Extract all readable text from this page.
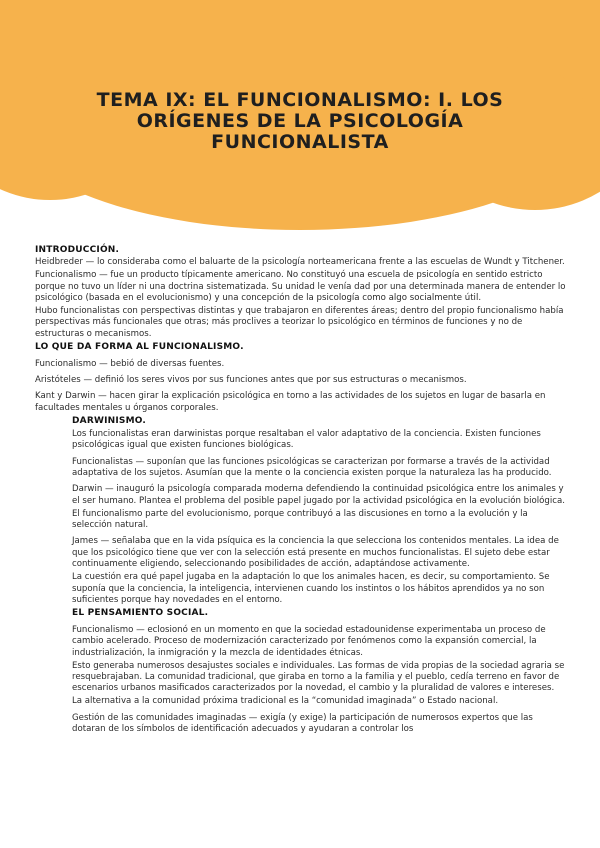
TEMA IX: EL FUNCIONALISMO: I. LOS ORÍGENES DE LA PSICOLOGÍA FUNCIONALISTA
INTRODUCCIÓN.

Heidbreder — lo consideraba como el baluarte de la psicología norteamericana frente a las escuelas de Wundt y Titchener.

Funcionalismo — fue un producto típicamente americano. No constituyó una escuela de psicología en sentido estricto porque no tuvo un líder ni una doctrina sistematizada. Su unidad le venía dad por una determinada manera de entender lo psicológico (basada en el evolucionismo) y una concepción de la psicología como algo socialmente útil.

Hubo funcionalistas con perspectivas distintas y que trabajaron en diferentes áreas; dentro del propio funcionalismo había perspectivas más funcionales que otras; más proclives a teorizar lo psicológico en términos de funciones y no de estructuras o mecanismos.

LO QUE DA FORMA AL FUNCIONALISMO.

Funcionalismo — bebió de diversas fuentes.

Aristóteles — definió los seres vivos por sus funciones antes que por sus estructuras o mecanismos.

Kant y Darwin — hacen girar la explicación psicológica en torno a las actividades de los sujetos en lugar de basarla en facultades mentales u órganos corporales.

DARWINISMO.

Los funcionalistas eran darwinistas porque resaltaban el valor adaptativo de la conciencia. Existen funciones psicológicas igual que existen funciones biológicas.

Funcionalistas — suponían que las funciones psicológicas se caracterizan por formarse a través de la actividad adaptativa de los sujetos. Asumían que la mente o la conciencia existen porque la naturaleza las ha producido.

Darwin — inauguró la psicología comparada moderna defendiendo la continuidad psicológica entre los animales y el ser humano. Plantea el problema del posible papel jugado por la actividad psicológica en la evolución biológica.

El funcionalismo parte del evolucionismo, porque contribuyó a las discusiones en torno a la evolución y la selección natural.

James — señalaba que en la vida psíquica es la conciencia la que selecciona los contenidos mentales. La idea de que los psicológico tiene que ver con la selección está presente en muchos funcionalistas. El sujeto debe estar continuamente eligiendo, seleccionando posibilidades de acción, adaptándose activamente.

La cuestión era qué papel jugaba en la adaptación lo que los animales hacen, es decir, su comportamiento. Se suponía que la conciencia, la inteligencia, intervienen cuando los instintos o los hábitos aprendidos ya no son suficientes porque hay novedades en el entorno.

EL PENSAMIENTO SOCIAL.

Funcionalismo — eclosionó en un momento en que la sociedad estadounidense experimentaba un proceso de cambio acelerado. Proceso de modernización caracterizado por fenómenos como la expansión comercial, la industrialización, la inmigración y la mezcla de identidades étnicas.

Esto generaba numerosos desajustes sociales e individuales. Las formas de vida propias de la sociedad agraria se resquebrajaban. La comunidad tradicional, que giraba en torno a la familia y el pueblo, cedía terreno en favor de escenarios urbanos masificados caracterizados por la novedad, el cambio y la pluralidad de valores e intereses.

La alternativa a la comunidad próxima tradicional es la “comunidad imaginada” o Estado nacional.

Gestión de las comunidades imaginadas — exigía (y exige) la participación de numerosos expertos que las dotaran de los símbolos de identificación adecuados y ayudaran a controlar los
